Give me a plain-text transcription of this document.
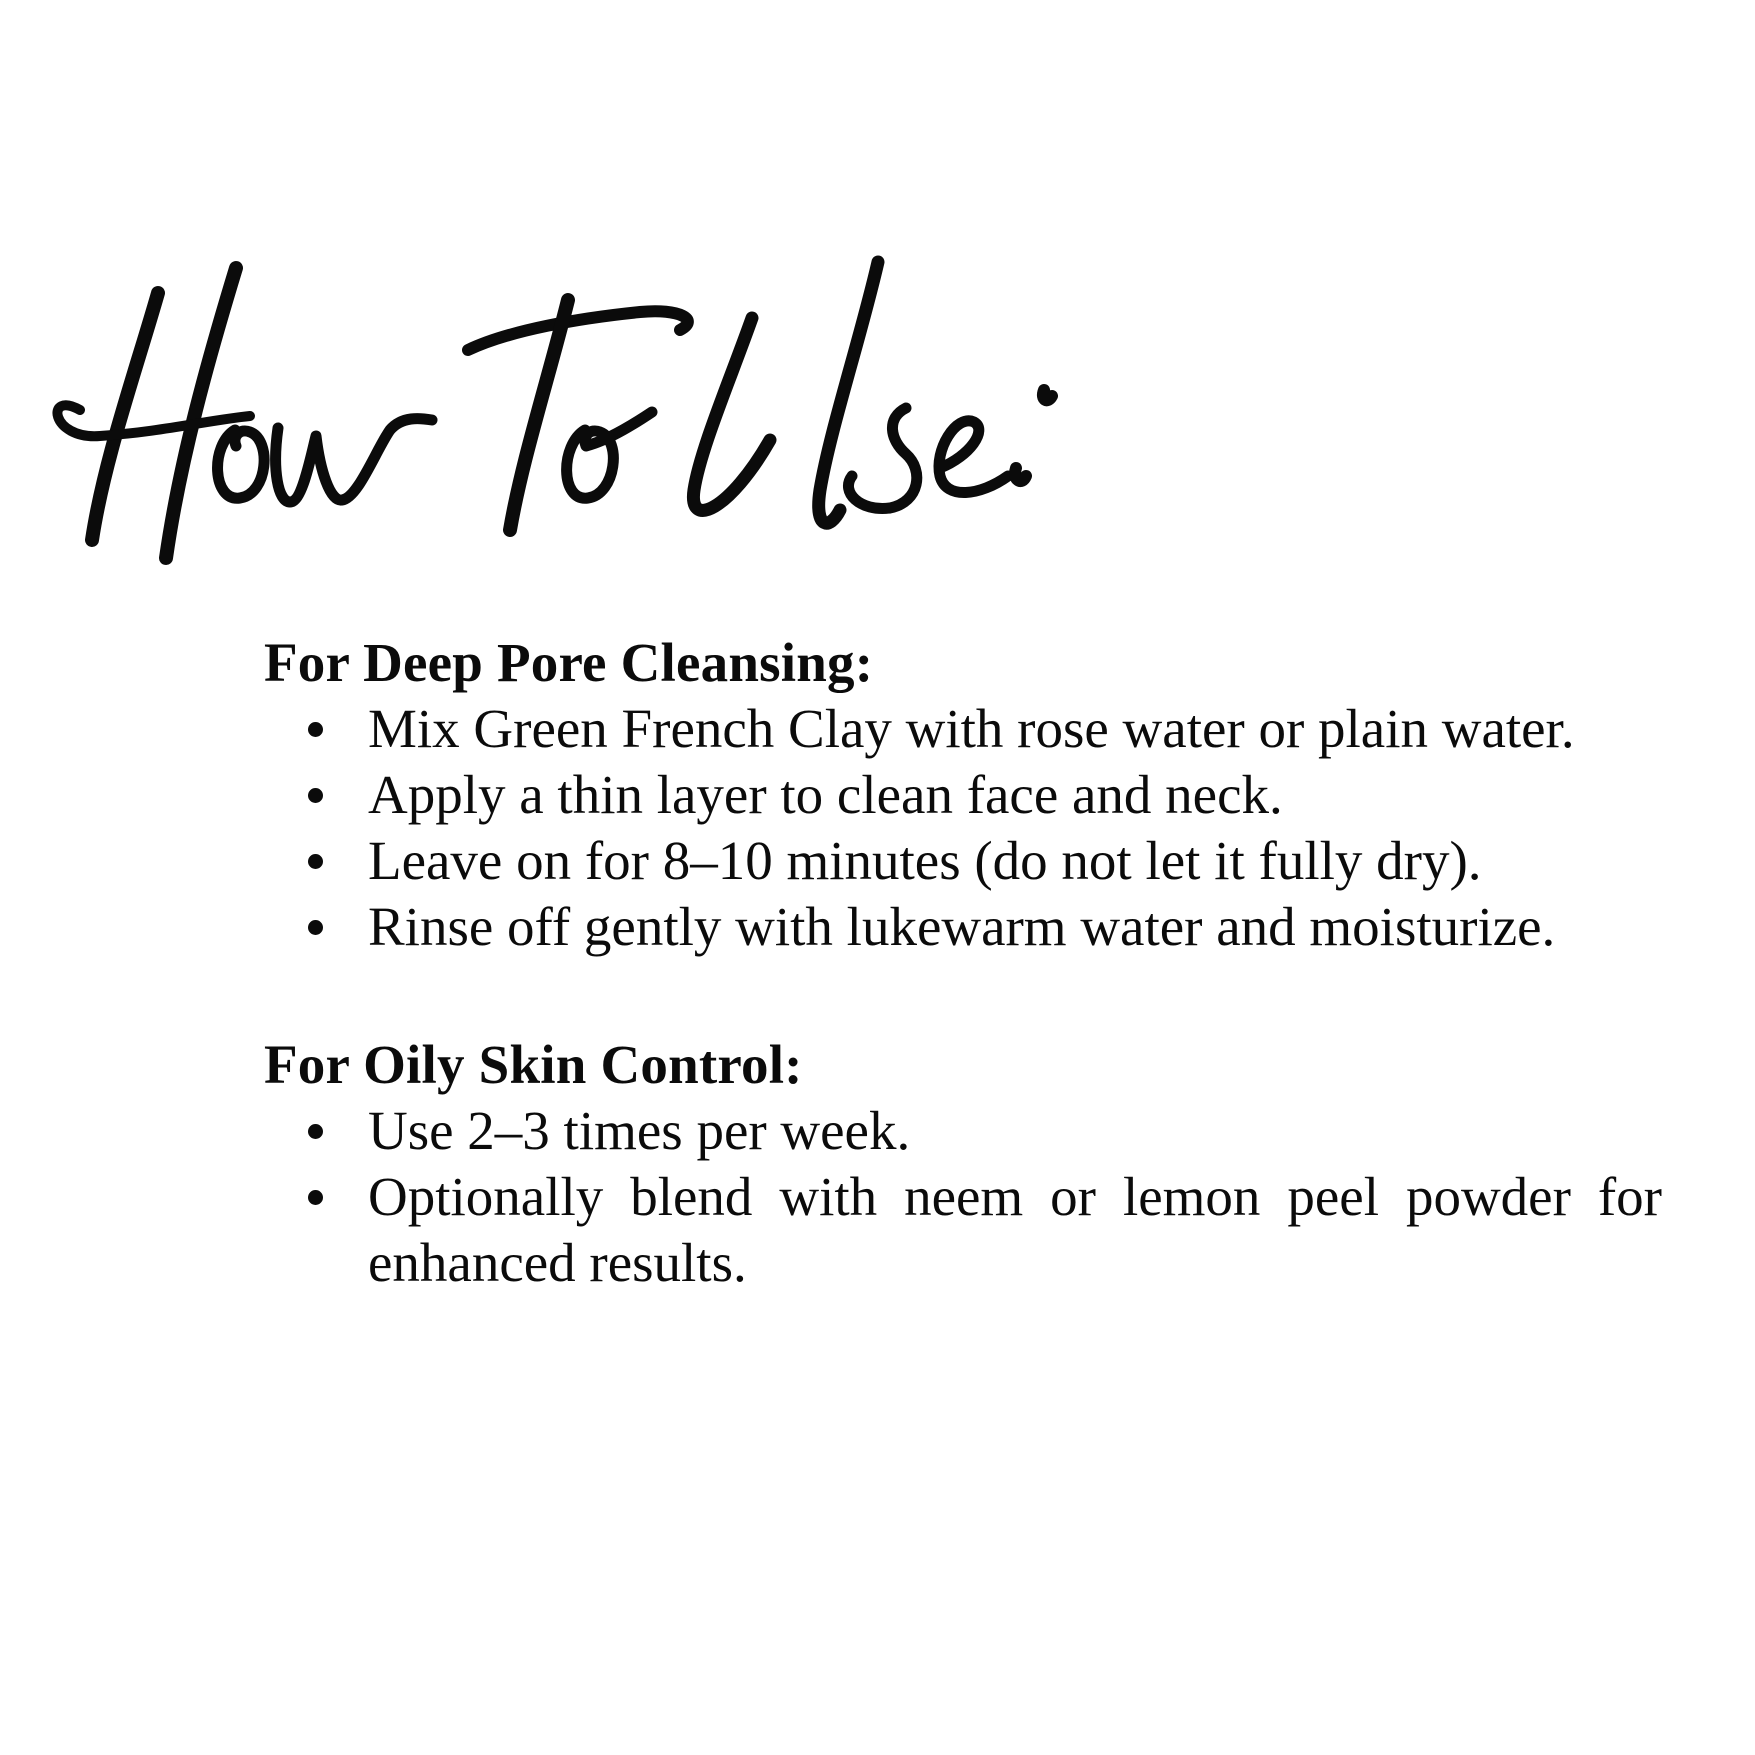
For Deep Pore Cleansing:
Mix Green French Clay with rose water or plain water.
Apply a thin layer to clean face and neck.
Leave on for 8–10 minutes (do not let it fully dry).
Rinse off gently with lukewarm water and moisturize.
For Oily Skin Control:
Use 2–3 times per week.
Optionally blend with neem or lemon peel powder for enhanced results.
